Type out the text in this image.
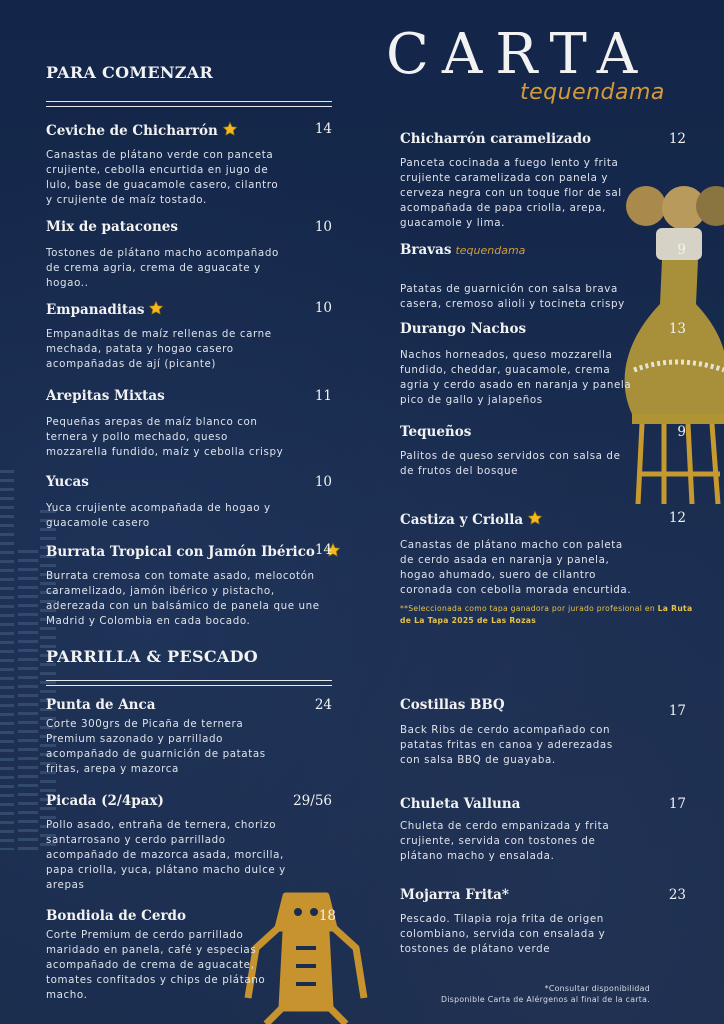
CARTA
tequendama
PARA COMENZAR
Ceviche de Chicharrón	14
Canastas de plátano verde con panceta crujiente, cebolla encurtida en jugo de lulo, base de guacamole casero, cilantro y crujiente de maíz tostado.
Mix de patacones	10
Tostones de plátano macho acompañado de crema agria, crema de aguacate y hogao..
Empanaditas	10
Empanaditas de maíz rellenas de carne mechada, patata y hogao casero acompañadas de ají (picante)
Arepitas Mixtas	11
Pequeñas arepas de maíz blanco con ternera y pollo mechado, queso mozzarella fundido, maíz y cebolla crispy
Yucas	10
Yuca crujiente acompañada de hogao y guacamole casero
Burrata Tropical con Jamón Ibérico 14
Burrata cremosa con tomate asado, melocotón caramelizado, jamón ibérico y pistacho, aderezada con un balsámico de panela que une Madrid y Colombia en cada bocado.
Chicharrón caramelizado	12
Panceta cocinada a fuego lento y frita crujiente caramelizada con panela y cerveza negra con un toque flor de sal acompañada de papa criolla, arepa, guacamole y lima.
Bravas tequendama	9
Patatas de guarnición con salsa brava casera, cremoso alioli y tocineta crispy
Durango Nachos	13
Nachos horneados, queso mozzarella fundido, cheddar, guacamole, crema agria y cerdo asado en naranja y panela pico de gallo y jalapeños
Tequeños	9
Palitos de queso servidos con salsa de de frutos del bosque
Castiza y Criolla	12
Canastas de plátano macho con paleta de cerdo asada en naranja y panela, hogao ahumado, suero de cilantro coronada con cebolla morada encurtida.
**Seleccionada como tapa ganadora por jurado profesional en La Ruta de La Tapa 2025 de Las Rozas
PARRILLA & PESCADO
Punta de Anca	24
Corte 300grs de Picaña de ternera Premium sazonado y parrillado acompañado de guarnición de patatas fritas, arepa y mazorca
Picada (2/4pax)	29/56
Pollo asado, entraña de ternera, chorizo santarrosano y cerdo parrillado acompañado de mazorca asada, morcilla, papa criolla, yuca, plátano macho dulce y arepas
Bondiola de Cerdo	18
Corte Premium de cerdo parrillado maridado en panela, café y especias acompañado de crema de aguacate, tomates confitados y chips de plátano macho.
Costillas BBQ	17
Back Ribs de cerdo acompañado con patatas fritas en canoa y aderezadas con salsa BBQ de guayaba.
Chuleta Valluna	17
Chuleta de cerdo empanizada y frita crujiente, servida con tostones de plátano macho y ensalada.
Mojarra Frita*	23
Pescado. Tilapia roja frita de origen colombiano, servida con ensalada y tostones de plátano verde
*Consultar disponibilidad
Disponible Carta de Alérgenos al final de la carta.
